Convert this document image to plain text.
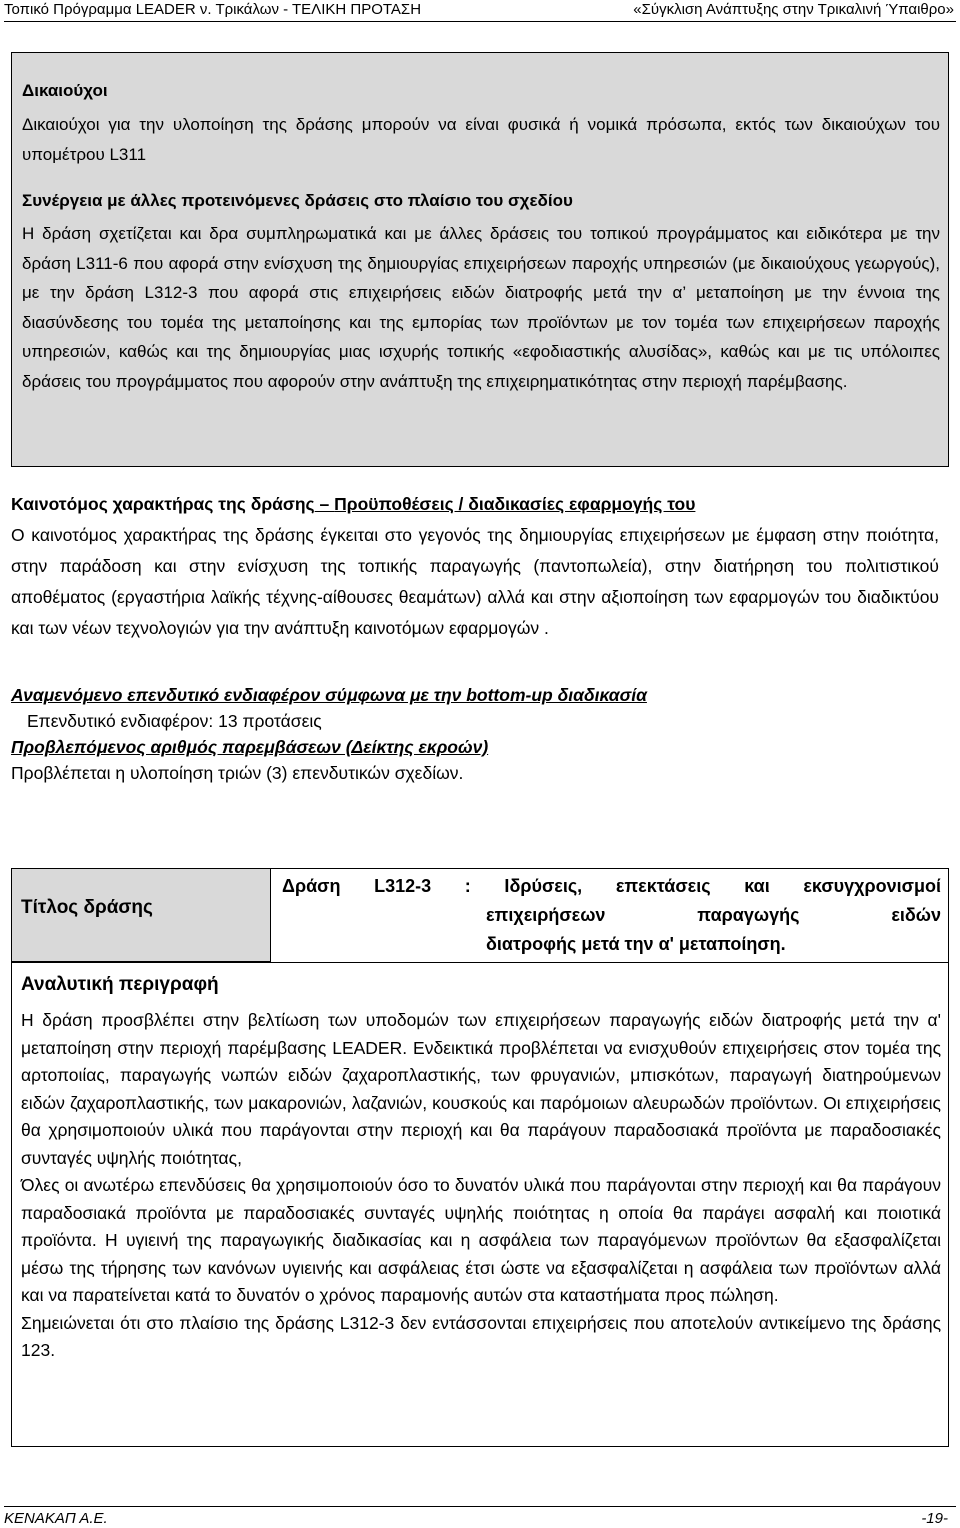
Τοπικό Πρόγραμμα LEADER ν. Τρικάλων - ΤΕΛΙΚΗ ΠΡΟΤΑΣΗ	«Σύγκλιση Ανάπτυξης στην Τρικαλινή Ύπαιθρο»
Δικαιούχοι
Δικαιούχοι για την υλοποίηση της δράσης μπορούν να είναι φυσικά ή νομικά πρόσωπα, εκτός των δικαιούχων του υπομέτρου L311
Συνέργεια με άλλες προτεινόμενες δράσεις στο πλαίσιο του σχεδίου
Η δράση σχετίζεται και δρα συμπληρωματικά και με άλλες δράσεις του τοπικού προγράμματος και ειδικότερα με την δράση L311-6 που αφορά στην ενίσχυση της δημιουργίας επιχειρήσεων παροχής υπηρεσιών (με δικαιούχους γεωργούς), με την δράση L312-3 που αφορά στις επιχειρήσεις ειδών διατροφής μετά την α’ μεταποίηση με την έννοια της διασύνδεσης του τομέα της μεταποίησης και της εμπορίας των προϊόντων με τον τομέα των επιχειρήσεων παροχής υπηρεσιών, καθώς και της δημιουργίας μιας ισχυρής τοπικής «εφοδιαστικής αλυσίδας», καθώς και με τις υπόλοιπες δράσεις του προγράμματος που αφορούν στην ανάπτυξη της επιχειρηματικότητας στην περιοχή παρέμβασης.
Καινοτόμος χαρακτήρας της δράσης – Προϋποθέσεις / διαδικασίες εφαρμογής του
Ο καινοτόμος χαρακτήρας της δράσης έγκειται στο γεγονός της δημιουργίας επιχειρήσεων με έμφαση στην ποιότητα, στην παράδοση και στην ενίσχυση της τοπικής παραγωγής (παντοπωλεία), στην διατήρηση του πολιτιστικού αποθέματος (εργαστήρια λαϊκής τέχνης-αίθουσες θεαμάτων) αλλά και στην αξιοποίηση των εφαρμογών του διαδικτύου και των νέων τεχνολογιών για την ανάπτυξη καινοτόμων εφαρμογών .
Αναμενόμενο επενδυτικό ενδιαφέρον σύμφωνα με την bottom-up διαδικασία
Επενδυτικό ενδιαφέρον: 13 προτάσεις
Προβλεπόμενος αριθμός παρεμβάσεων (Δείκτης εκροών)
Προβλέπεται η υλοποίηση τριών (3) επενδυτικών σχεδίων.
Τίτλος δράσης
Δράση L312-3 : Ιδρύσεις, επεκτάσεις και εκσυγχρονισμοί
επιχειρήσεων παραγωγής ειδών
διατροφής μετά την α' μεταποίηση.
Αναλυτική περιγραφή
Η δράση προσβλέπει στην βελτίωση των υποδομών των επιχειρήσεων παραγωγής ειδών διατροφής μετά την α' μεταποίηση στην περιοχή παρέμβασης LEADER. Ενδεικτικά προβλέπεται να ενισχυθούν επιχειρήσεις στον τομέα της αρτοποιίας, παραγωγής νωπών ειδών ζαχαροπλαστικής, των φρυγανιών, μπισκότων, παραγωγή διατηρούμενων ειδών ζαχαροπλαστικής, των μακαρονιών, λαζανιών, κουσκούς και παρόμοιων αλευρωδών προϊόντων. Οι επιχειρήσεις θα χρησιμοποιούν υλικά που παράγονται στην περιοχή και θα παράγουν παραδοσιακά προϊόντα με παραδοσιακές συνταγές υψηλής ποιότητας,
Όλες οι ανωτέρω επενδύσεις θα χρησιμοποιούν όσο το δυνατόν υλικά που παράγονται στην περιοχή και θα παράγουν παραδοσιακά προϊόντα με παραδοσιακές συνταγές υψηλής ποιότητας η οποία θα παράγει ασφαλή και ποιοτικά προϊόντα. Η υγιεινή της παραγωγικής διαδικασίας και η ασφάλεια των παραγόμενων προϊόντων θα εξασφαλίζεται μέσω της τήρησης των κανόνων υγιεινής και ασφάλειας έτσι ώστε να εξασφαλίζεται η ασφάλεια των προϊόντων αλλά και να παρατείνεται κατά το δυνατόν ο χρόνος παραμονής αυτών στα καταστήματα προς πώληση.
Σημειώνεται ότι στο πλαίσιο της δράσης L312-3 δεν εντάσσονται επιχειρήσεις που αποτελούν αντικείμενο της δράσης 123.
ΚΕΝΑΚΑΠ Α.Ε.	-19-
